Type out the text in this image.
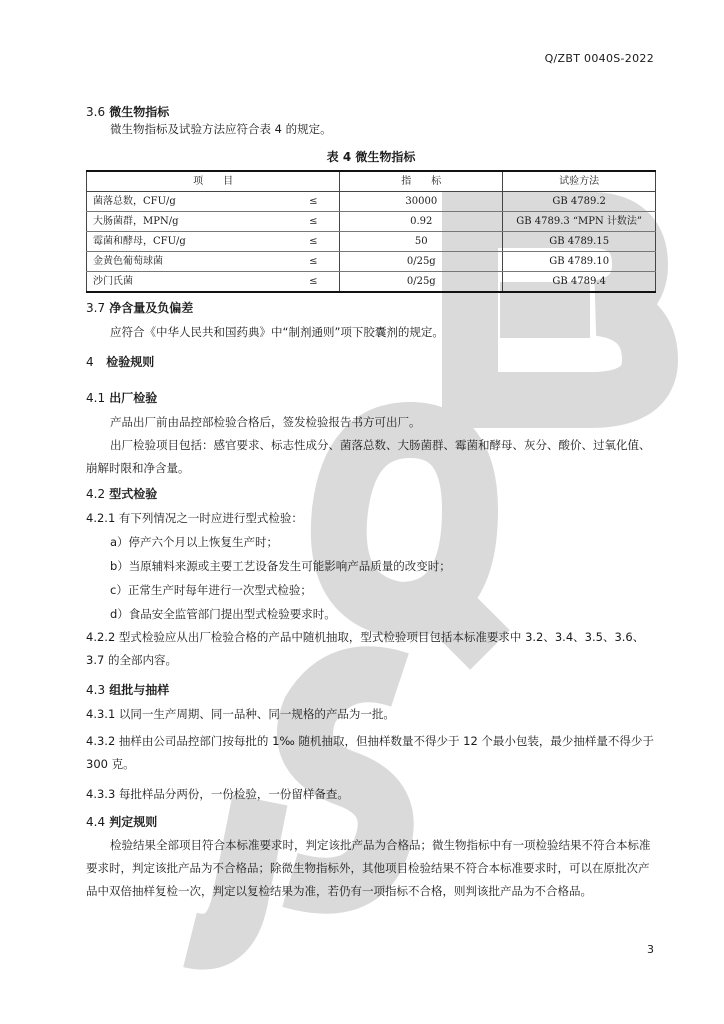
Q/ZBT 0040S-2022
3.6 微生物指标

微生物指标及试验方法应符合表 4 的规定。

表 4 微生物指标
项　　目		指　　标	试验方法
菌落总数，CFU/g	≤	30000	GB 4789.2
大肠菌群，MPN/g	≤	0.92	GB 4789.3 “MPN 计数法”
霉菌和酵母，CFU/g	≤	50	GB 4789.15
金黄色葡萄球菌	≤	0/25g	GB 4789.10
沙门氏菌	≤	0/25g	GB 4789.4
3.7 净含量及负偏差

应符合《中华人民共和国药典》中“制剂通则”项下胶囊剂的规定。

4 检验规则
4.1 出厂检验

产品出厂前由品控部检验合格后，签发检验报告书方可出厂。

出厂检验项目包括：感官要求、标志性成分、菌落总数、大肠菌群、霉菌和酵母、灰分、酸价、过氧化值、崩解时限和净含量。

4.2 型式检验
4.2.1 有下列情况之一时应进行型式检验：
a）停产六个月以上恢复生产时；
b）当原辅料来源或主要工艺设备发生可能影响产品质量的改变时；
c）正常生产时每年进行一次型式检验；
d）食品安全监管部门提出型式检验要求时。

4.2.2 型式检验应从出厂检验合格的产品中随机抽取，型式检验项目包括本标准要求中 3.2、3.4、3.5、3.6、3.7 的全部内容。

4.3 组批与抽样
4.3.1 以同一生产周期、同一品种、同一规格的产品为一批。

4.3.2 抽样由公司品控部门按每批的 1‰ 随机抽取，但抽样数量不得少于 12 个最小包装，最少抽样量不得少于 300 克。

4.3.3 每批样品分两份，一份检验，一份留样备查。
4.4 判定规则

检验结果全部项目符合本标准要求时，判定该批产品为合格品；微生物指标中有一项检验结果不符合本标准要求时，判定该批产品为不合格品；除微生物指标外，其他项目检验结果不符合本标准要求时，可以在原批次产品中双倍抽样复检一次，判定以复检结果为准，若仍有一项指标不合格，则判该批产品为不合格品。

3
